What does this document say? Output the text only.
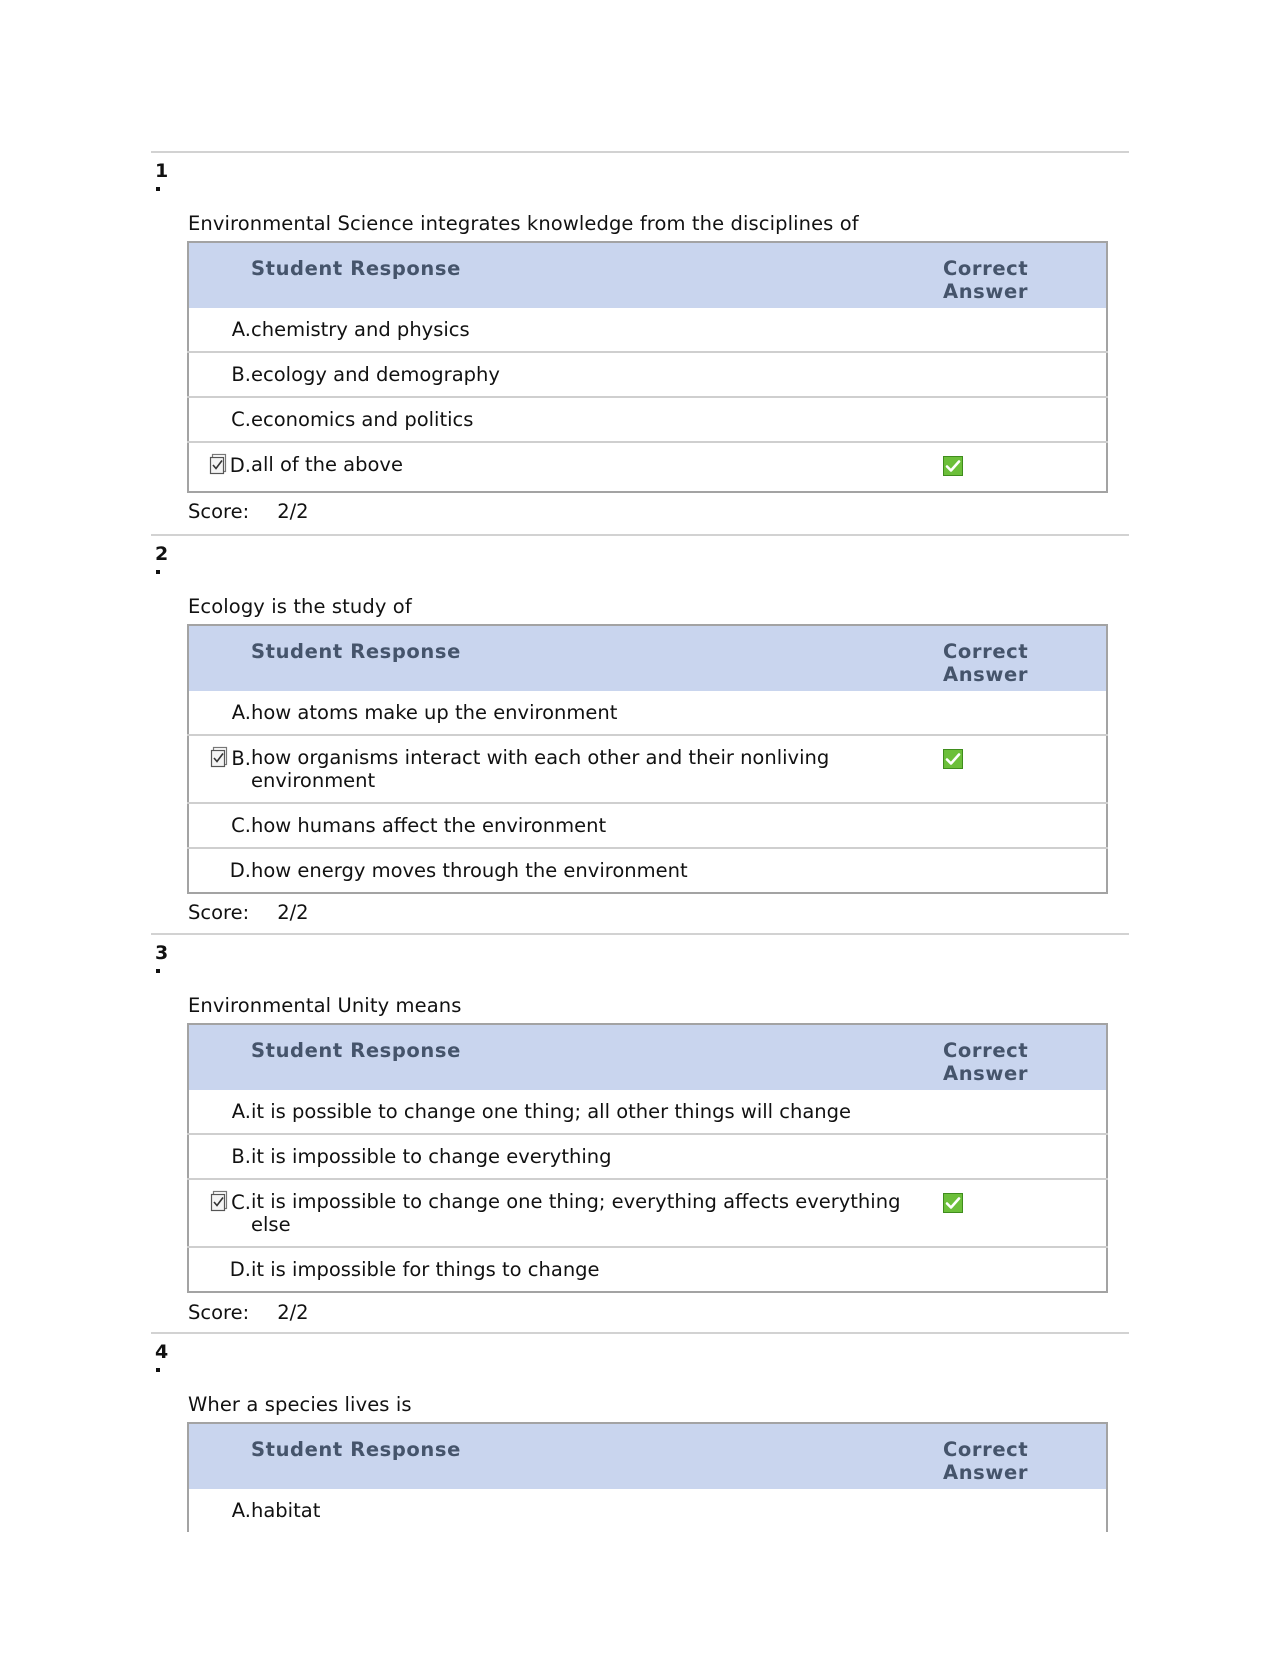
1
Environmental Science integrates knowledge from the disciplines of
	Student Response	Correct
Answer
A.	chemistry and physics	
B.	ecology and demography	
C.	economics and politics	
D.	all of the above	
Score: 2/2
2
Ecology is the study of
	Student Response	Correct
Answer
A.	how atoms make up the environment	
B.	how organisms interact with each other and their nonliving environment	
C.	how humans affect the environment	
D.	how energy moves through the environment	
Score: 2/2
3
Environmental Unity means
	Student Response	Correct
Answer
A.	it is possible to change one thing; all other things will change	
B.	it is impossible to change everything	
C.	it is impossible to change one thing; everything affects everything else	
D.	it is impossible for things to change	
Score: 2/2
4
Wher a species lives is
	Student Response	Correct
Answer
A.	habitat	
